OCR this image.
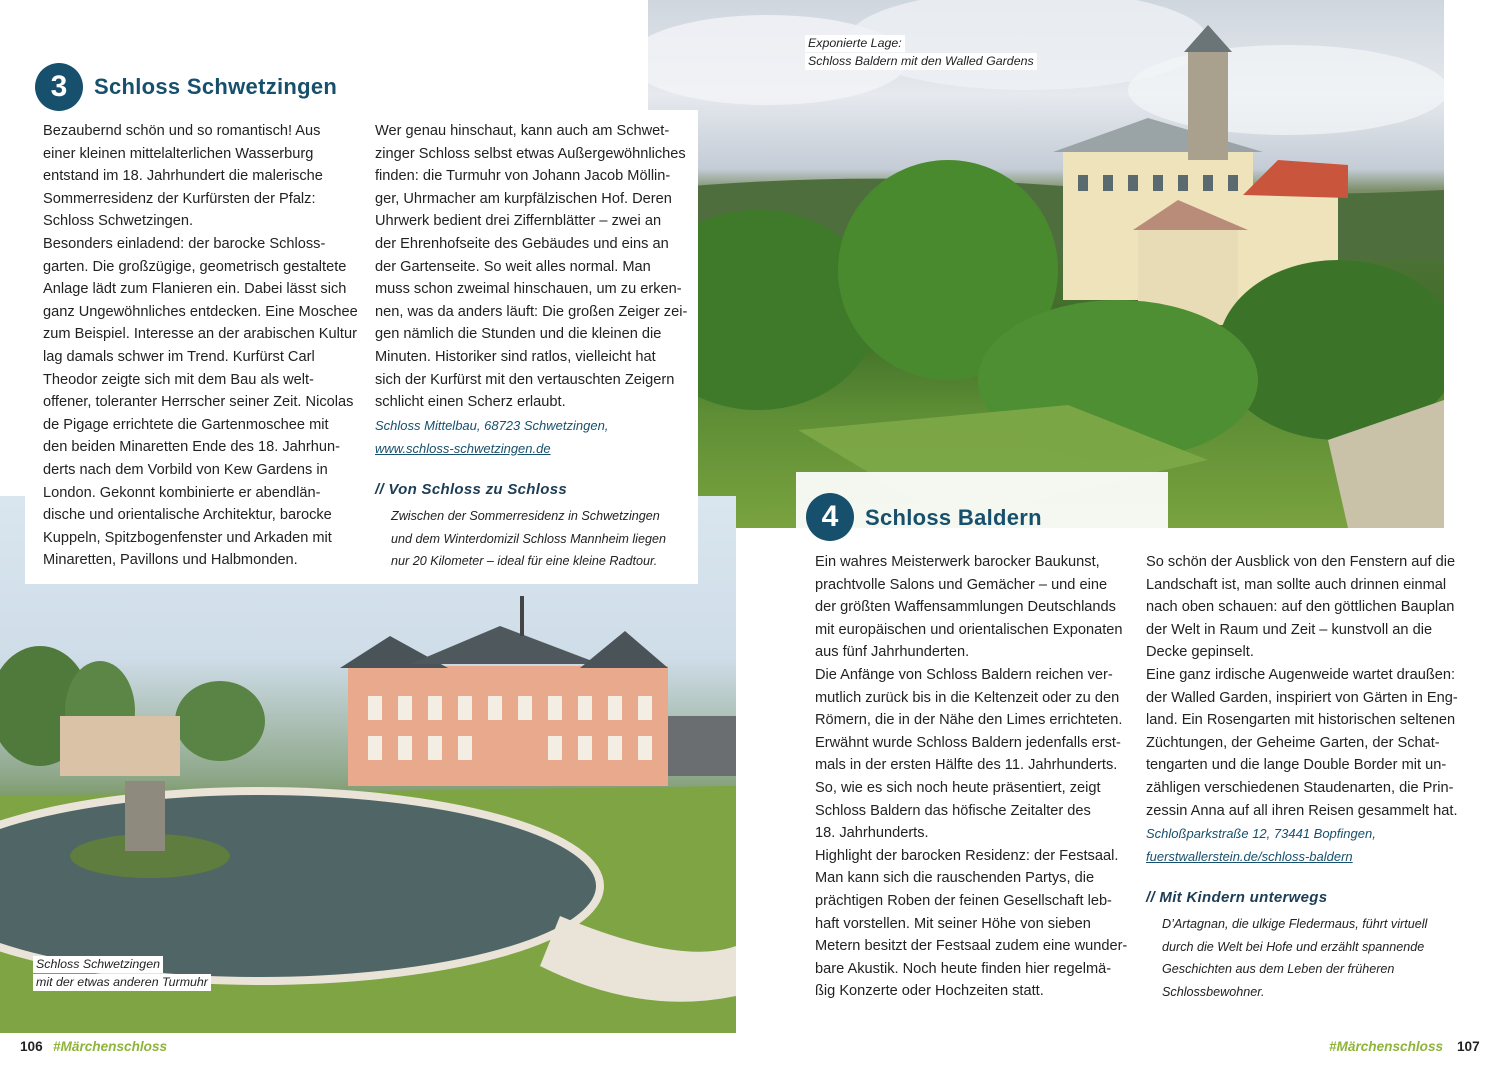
3	Schloss Schwetzingen

Bezaubernd schön und so romantisch! Aus

einer kleinen mittelalterlichen Wasserburg

entstand im 18. Jahrhundert die malerische

Sommerresidenz der Kurfürsten der Pfalz:

Schloss Schwetzingen.

Besonders einladend: der barocke Schloss-

garten. Die großzügige, geometrisch gestaltete

Anlage lädt zum Flanieren ein. Dabei lässt sich

ganz Ungewöhnliches entdecken. Eine Moschee

zum Beispiel. Interesse an der arabischen Kultur

lag damals schwer im Trend. Kurfürst Carl

Theodor zeigte sich mit dem Bau als welt-

offener, toleranter Herrscher seiner Zeit. Nicolas

de Pigage errichtete die Gartenmoschee mit

den beiden Minaretten Ende des 18. Jahrhun-

derts nach dem Vorbild von Kew Gardens in

London. Gekonnt kombinierte er abendlän-

dische und orientalische Architektur, barocke

Kuppeln, Spitzbogenfenster und Arkaden mit

Minaretten, Pavillons und Halbmonden.

Wer genau hinschaut, kann auch am Schwet-

zinger Schloss selbst etwas Außergewöhnliches

finden: die Turmuhr von Johann Jacob Möllin-

ger, Uhrmacher am kurpfälzischen Hof. Deren

Uhrwerk bedient drei Ziffernblätter – zwei an

der Ehrenhofseite des Gebäudes und eins an

der Gartenseite. So weit alles normal. Man

muss schon zweimal hinschauen, um zu erken-

nen, was da anders läuft: Die großen Zeiger zei-

gen nämlich die Stunden und die kleinen die

Minuten. Historiker sind ratlos, vielleicht hat

sich der Kurfürst mit den vertauschten Zeigern

schlicht einen Scherz erlaubt.

Schloss Mittelbau, 68723 Schwetzingen,
www.schloss-schwetzingen.de
// Von Schloss zu Schloss
Zwischen der Sommerresidenz in Schwetzingen
und dem Winterdomizil Schloss Mannheim liegen
nur 20 Kilometer – ideal für eine kleine Radtour.
Schloss Schwetzingen
mit der etwas anderen Turmuhr
106 #Märchenschloss
Exponierte Lage:
Schloss Baldern mit den Walled Gardens
4	Schloss Baldern

Ein wahres Meisterwerk barocker Baukunst,

prachtvolle Salons und Gemächer – und eine

der größten Waffensammlungen Deutschlands

mit europäischen und orientalischen Exponaten

aus fünf Jahrhunderten.

Die Anfänge von Schloss Baldern reichen ver-

mutlich zurück bis in die Keltenzeit oder zu den

Römern, die in der Nähe den Limes errichteten.

Erwähnt wurde Schloss Baldern jedenfalls erst-

mals in der ersten Hälfte des 11. Jahrhunderts.

So, wie es sich noch heute präsentiert, zeigt

Schloss Baldern das höfische Zeitalter des

18. Jahrhunderts.

Highlight der barocken Residenz: der Festsaal.

Man kann sich die rauschenden Partys, die

prächtigen Roben der feinen Gesellschaft leb-

haft vorstellen. Mit seiner Höhe von sieben

Metern besitzt der Festsaal zudem eine wunder-

bare Akustik. Noch heute finden hier regelmä-

ßig Konzerte oder Hochzeiten statt.

So schön der Ausblick von den Fenstern auf die

Landschaft ist, man sollte auch drinnen einmal

nach oben schauen: auf den göttlichen Bauplan

der Welt in Raum und Zeit – kunstvoll an die

Decke gepinselt.

Eine ganz irdische Augenweide wartet draußen:

der Walled Garden, inspiriert von Gärten in Eng-

land. Ein Rosengarten mit historischen seltenen

Züchtungen, der Geheime Garten, der Schat-

tengarten und die lange Double Border mit un-

zähligen verschiedenen Staudenarten, die Prin-

zessin Anna auf all ihren Reisen gesammelt hat.

Schloßparkstraße 12, 73441 Bopfingen,
fuerstwallerstein.de/schloss-baldern
// Mit Kindern unterwegs
D’Artagnan, die ulkige Fledermaus, führt virtuell
durch die Welt bei Hofe und erzählt spannende
Geschichten aus dem Leben der früheren
Schlossbewohner.
#Märchenschloss 107
